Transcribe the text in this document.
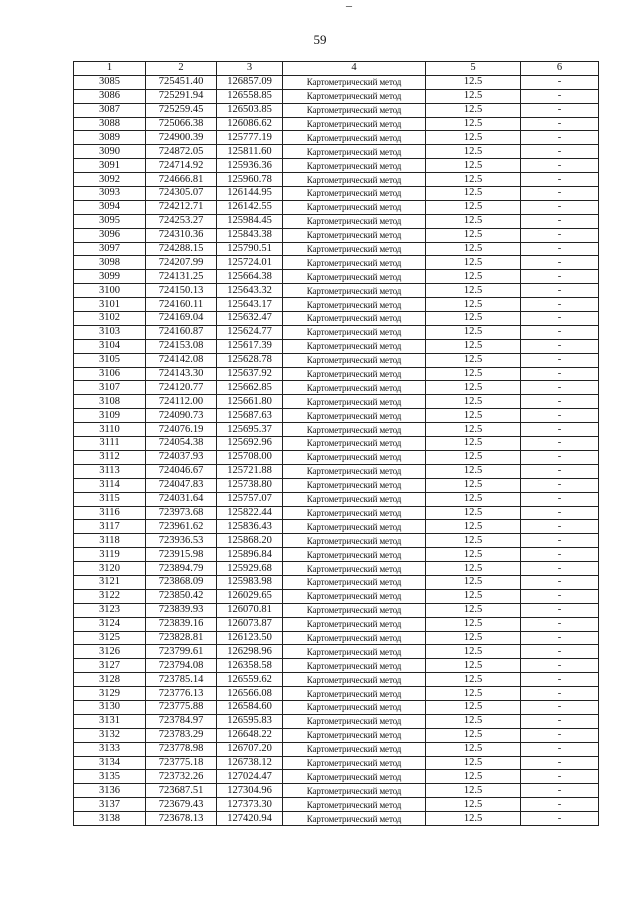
–
59
1	2	3	4	5	6
3085	725451.40	126857.09	Картометрический метод	12.5	-
3086	725291.94	126558.85	Картометрический метод	12.5	-
3087	725259.45	126503.85	Картометрический метод	12.5	-
3088	725066.38	126086.62	Картометрический метод	12.5	-
3089	724900.39	125777.19	Картометрический метод	12.5	-
3090	724872.05	125811.60	Картометрический метод	12.5	-
3091	724714.92	125936.36	Картометрический метод	12.5	-
3092	724666.81	125960.78	Картометрический метод	12.5	-
3093	724305.07	126144.95	Картометрический метод	12.5	-
3094	724212.71	126142.55	Картометрический метод	12.5	-
3095	724253.27	125984.45	Картометрический метод	12.5	-
3096	724310.36	125843.38	Картометрический метод	12.5	-
3097	724288.15	125790.51	Картометрический метод	12.5	-
3098	724207.99	125724.01	Картометрический метод	12.5	-
3099	724131.25	125664.38	Картометрический метод	12.5	-
3100	724150.13	125643.32	Картометрический метод	12.5	-
3101	724160.11	125643.17	Картометрический метод	12.5	-
3102	724169.04	125632.47	Картометрический метод	12.5	-
3103	724160.87	125624.77	Картометрический метод	12.5	-
3104	724153.08	125617.39	Картометрический метод	12.5	-
3105	724142.08	125628.78	Картометрический метод	12.5	-
3106	724143.30	125637.92	Картометрический метод	12.5	-
3107	724120.77	125662.85	Картометрический метод	12.5	-
3108	724112.00	125661.80	Картометрический метод	12.5	-
3109	724090.73	125687.63	Картометрический метод	12.5	-
3110	724076.19	125695.37	Картометрический метод	12.5	-
3111	724054.38	125692.96	Картометрический метод	12.5	-
3112	724037.93	125708.00	Картометрический метод	12.5	-
3113	724046.67	125721.88	Картометрический метод	12.5	-
3114	724047.83	125738.80	Картометрический метод	12.5	-
3115	724031.64	125757.07	Картометрический метод	12.5	-
3116	723973.68	125822.44	Картометрический метод	12.5	-
3117	723961.62	125836.43	Картометрический метод	12.5	-
3118	723936.53	125868.20	Картометрический метод	12.5	-
3119	723915.98	125896.84	Картометрический метод	12.5	-
3120	723894.79	125929.68	Картометрический метод	12.5	-
3121	723868.09	125983.98	Картометрический метод	12.5	-
3122	723850.42	126029.65	Картометрический метод	12.5	-
3123	723839.93	126070.81	Картометрический метод	12.5	-
3124	723839.16	126073.87	Картометрический метод	12.5	-
3125	723828.81	126123.50	Картометрический метод	12.5	-
3126	723799.61	126298.96	Картометрический метод	12.5	-
3127	723794.08	126358.58	Картометрический метод	12.5	-
3128	723785.14	126559.62	Картометрический метод	12.5	-
3129	723776.13	126566.08	Картометрический метод	12.5	-
3130	723775.88	126584.60	Картометрический метод	12.5	-
3131	723784.97	126595.83	Картометрический метод	12.5	-
3132	723783.29	126648.22	Картометрический метод	12.5	-
3133	723778.98	126707.20	Картометрический метод	12.5	-
3134	723775.18	126738.12	Картометрический метод	12.5	-
3135	723732.26	127024.47	Картометрический метод	12.5	-
3136	723687.51	127304.96	Картометрический метод	12.5	-
3137	723679.43	127373.30	Картометрический метод	12.5	-
3138	723678.13	127420.94	Картометрический метод	12.5	-
